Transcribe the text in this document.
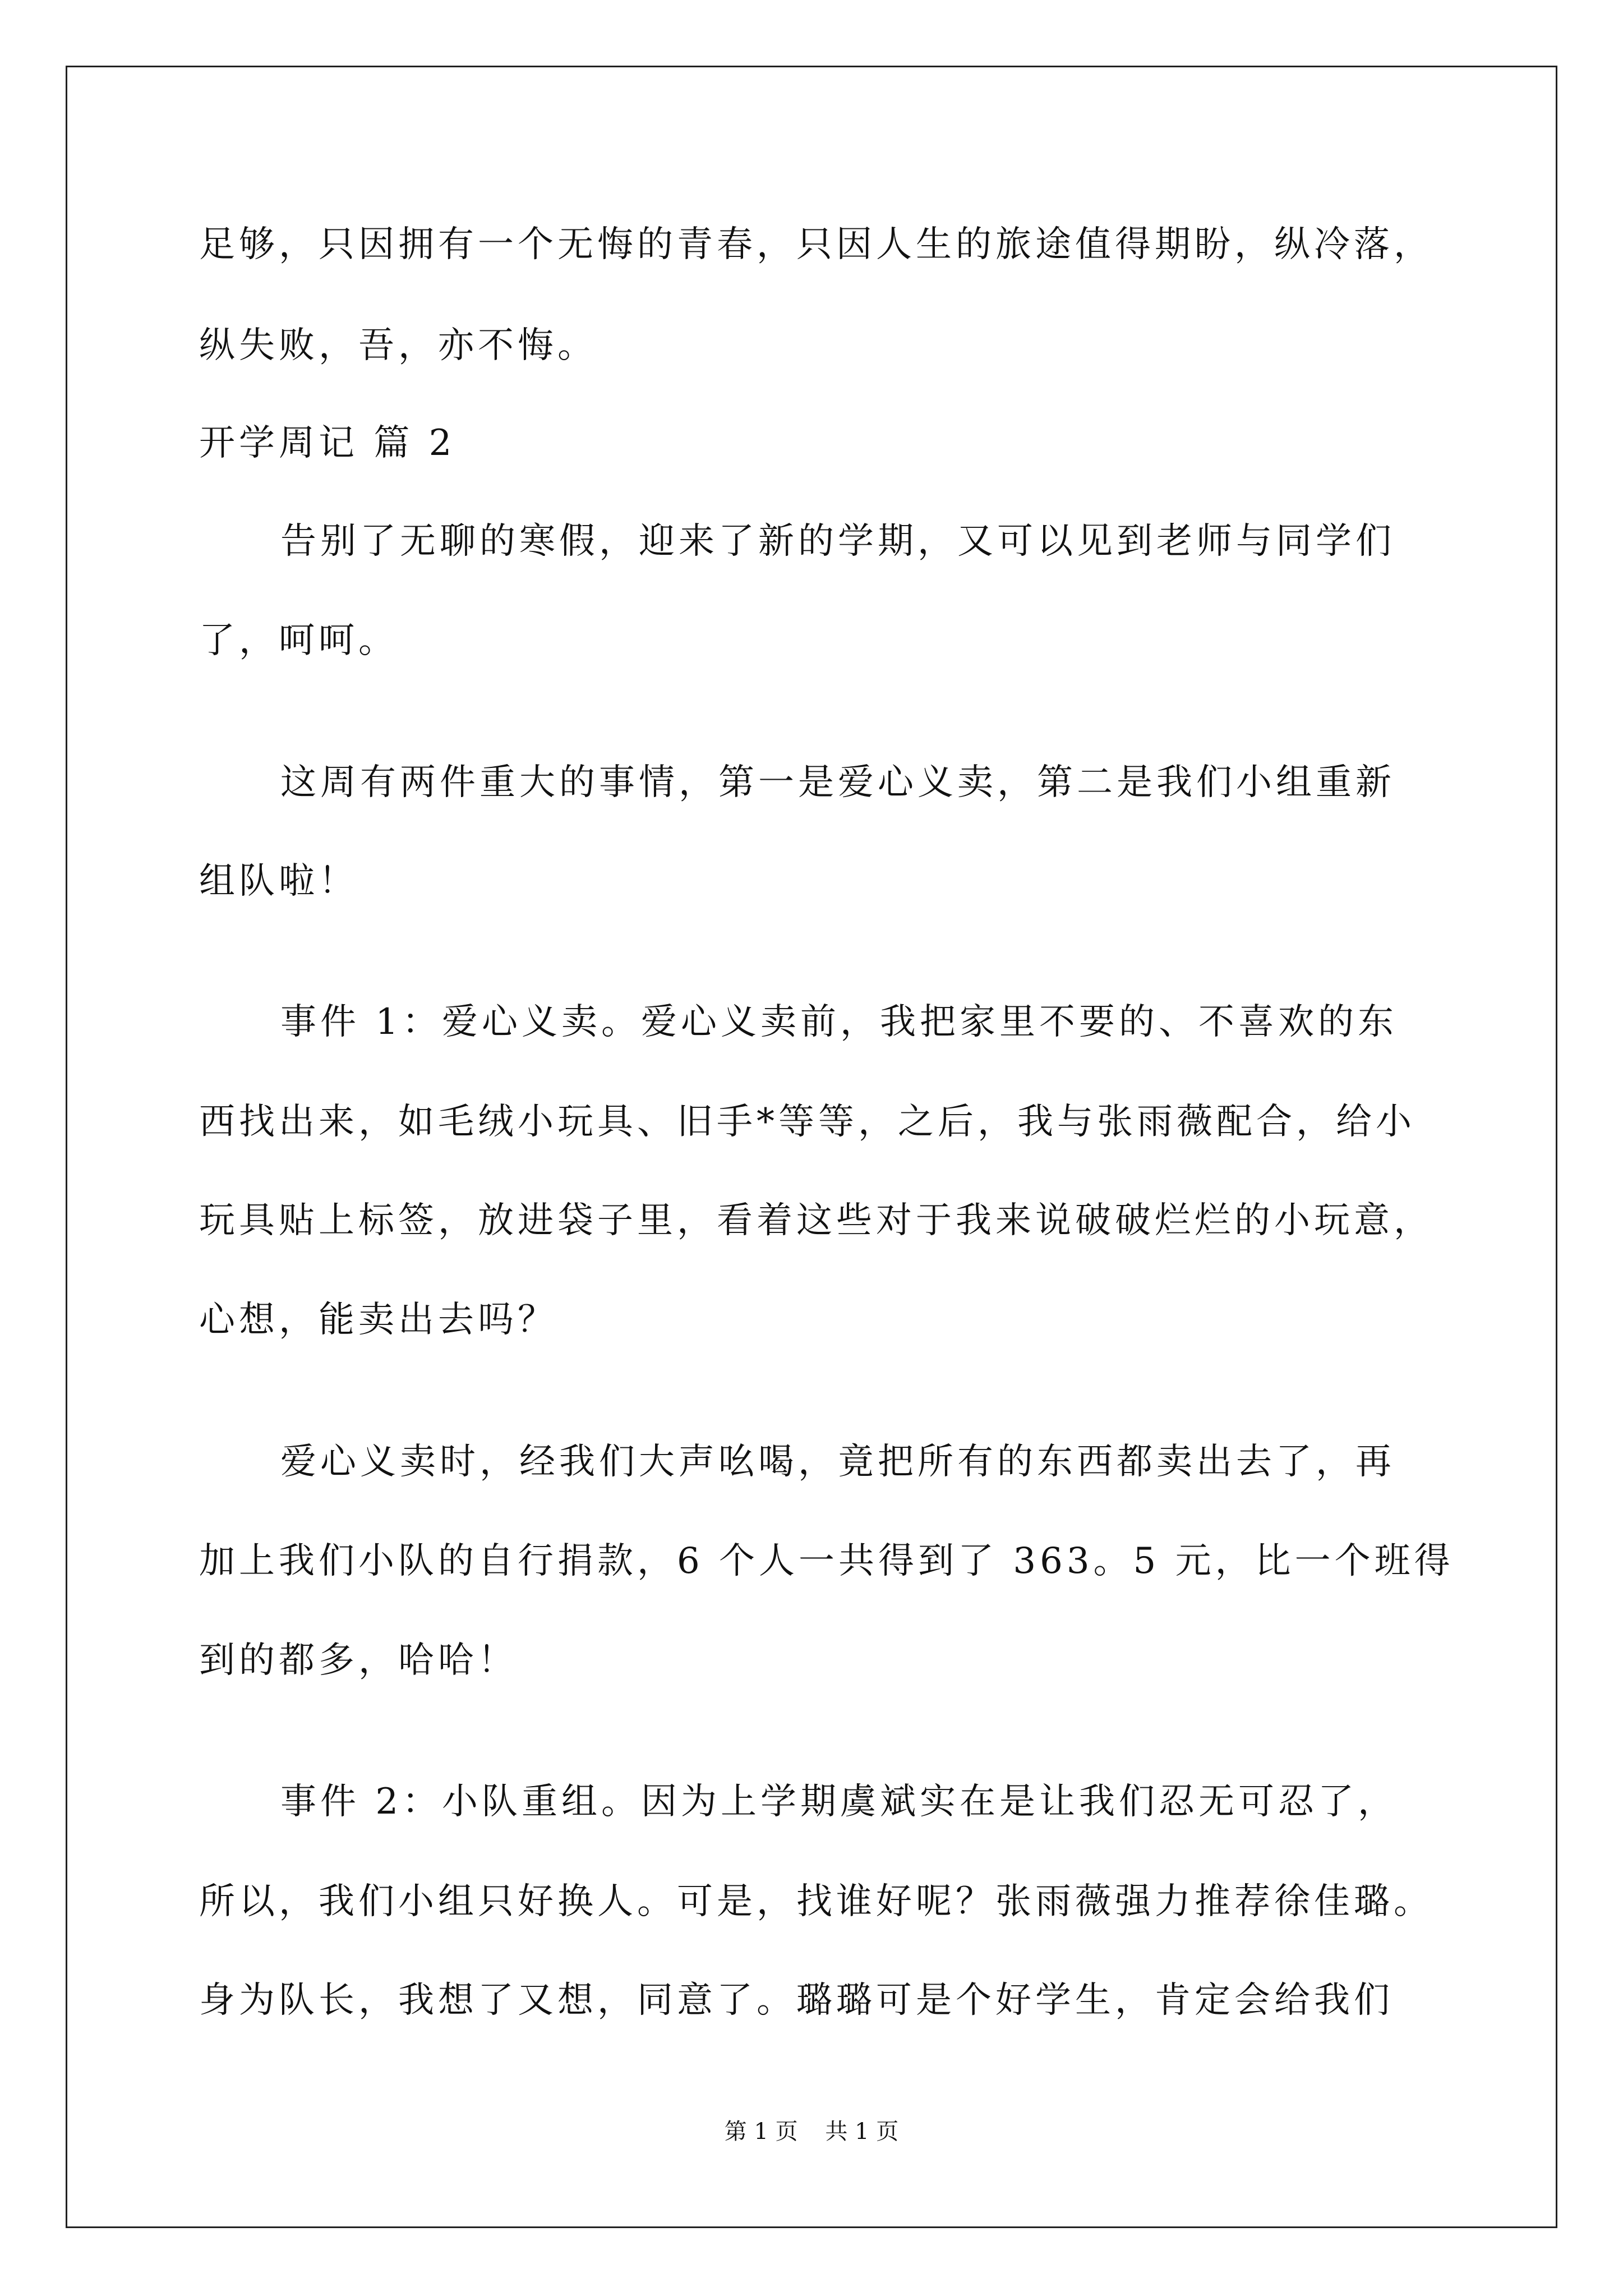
足够，只因拥有一个无悔的青春，只因人生的旅途值得期盼，纵冷落，
纵失败，吾，亦不悔。
开学周记 篇 2
告别了无聊的寒假，迎来了新的学期，又可以见到老师与同学们
了，呵呵。
这周有两件重大的事情，第一是爱心义卖，第二是我们小组重新
组队啦！
事件 1：爱心义卖。爱心义卖前，我把家里不要的、不喜欢的东
西找出来，如毛绒小玩具、旧手*等等，之后，我与张雨薇配合，给小
玩具贴上标签，放进袋子里，看着这些对于我来说破破烂烂的小玩意，
心想，能卖出去吗？
爱心义卖时，经我们大声吆喝，竟把所有的东西都卖出去了，再
加上我们小队的自行捐款，6 个人一共得到了 363。5 元，比一个班得
到的都多，哈哈！
事件 2：小队重组。因为上学期虞斌实在是让我们忍无可忍了，
所以，我们小组只好换人。可是，找谁好呢？张雨薇强力推荐徐佳璐。
身为队长，我想了又想，同意了。璐璐可是个好学生，肯定会给我们
第 1 页 共 1 页
